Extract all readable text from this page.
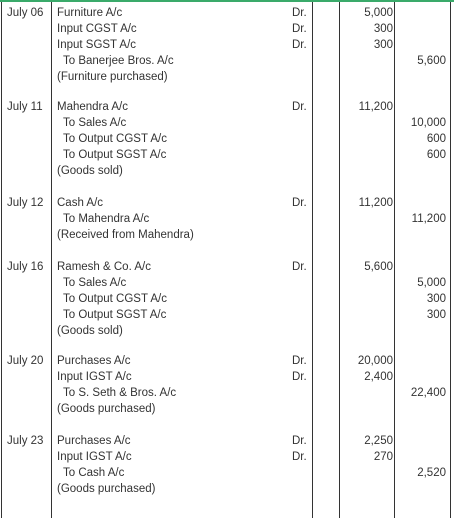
July 06 Furniture A/c	Dr.	5,000
Input CGST A/c	Dr.	300
Input SGST A/c	Dr.	300
To Banerjee Bros. A/c	5,600
(Furniture purchased)
July 11 Mahendra A/c	Dr.	11,200
To Sales A/c	10,000
To Output CGST A/c	600
To Output SGST A/c	600
(Goods sold)
July 12 Cash A/c	Dr.	11,200
To Mahendra A/c	11,200
(Received from Mahendra)
July 16 Ramesh & Co. A/c	Dr.	5,600
To Sales A/c	5,000
To Output CGST A/c	300
To Output SGST A/c	300
(Goods sold)
July 20 Purchases A/c	Dr.	20,000
Input IGST A/c	Dr.	2,400
To S. Seth & Bros. A/c	22,400
(Goods purchased)
July 23 Purchases A/c	Dr.	2,250
Input IGST A/c	Dr.	270
To Cash A/c	2,520
(Goods purchased)
